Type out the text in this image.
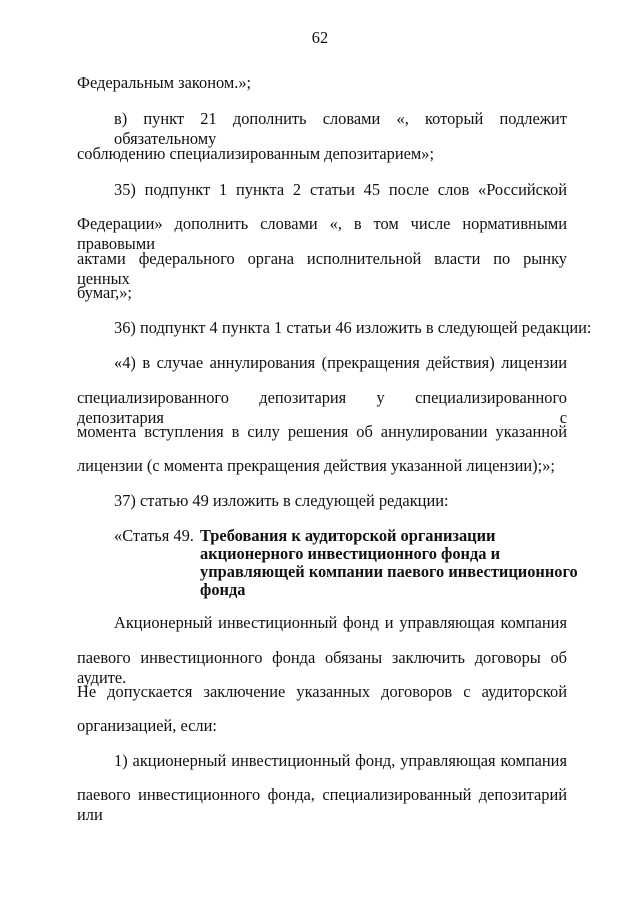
62
Федеральным законом.»;
в) пункт 21 дополнить словами «, который подлежит обязательному
соблюдению специализированным депозитарием»;
35) подпункт 1 пункта 2 статьи 45 после слов «Российской
Федерации» дополнить словами «, в том числе нормативными правовыми
актами федерального органа исполнительной власти по рынку ценных
бумаг,»;
36) подпункт 4 пункта 1 статьи 46 изложить в следующей редакции:
«4) в случае аннулирования (прекращения действия) лицензии
специализированного депозитария у специализированного депозитария с
момента вступления в силу решения об аннулировании указанной
лицензии (с момента прекращения действия указанной лицензии);»;
37) статью 49 изложить в следующей редакции:
«Статья 49. Требования к аудиторской организации
акционерного инвестиционного фонда и
управляющей компании паевого инвестиционного
фонда
Акционерный инвестиционный фонд и управляющая компания
паевого инвестиционного фонда обязаны заключить договоры об аудите.
Не допускается заключение указанных договоров с аудиторской
организацией, если:
1) акционерный инвестиционный фонд, управляющая компания
паевого инвестиционного фонда, специализированный депозитарий или
